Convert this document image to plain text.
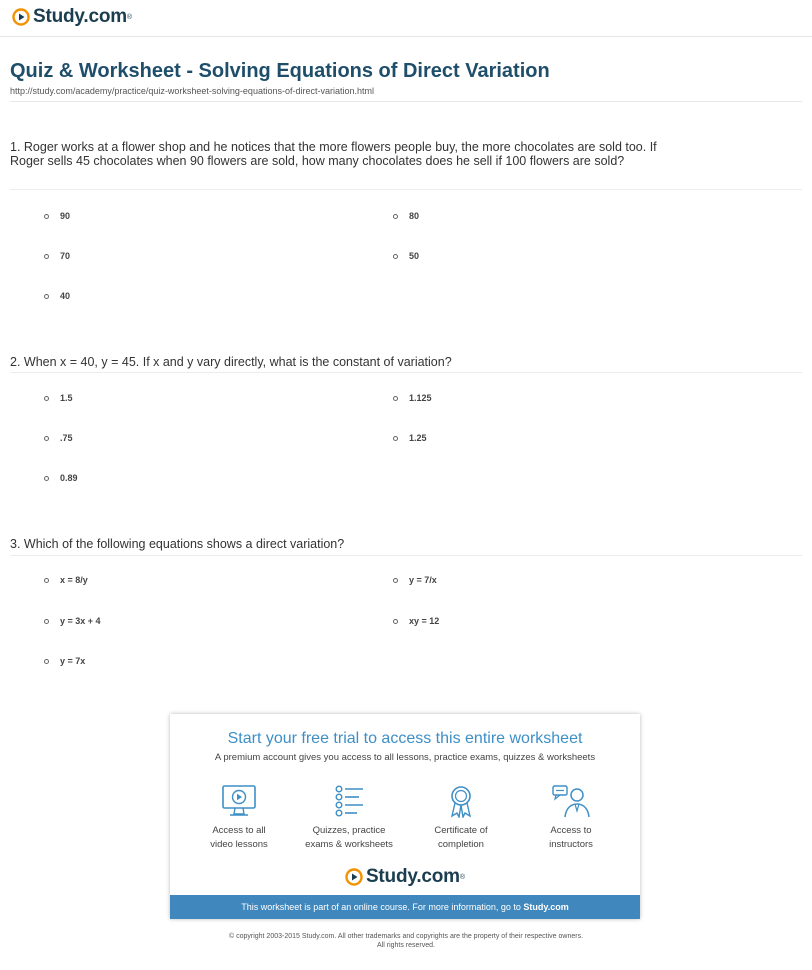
Study.com ®
Quiz & Worksheet - Solving Equations of Direct Variation
http://study.com/academy/practice/quiz-worksheet-solving-equations-of-direct-variation.html
1. Roger works at a flower shop and he notices that the more flowers people buy, the more chocolates are sold too. If Roger sells 45 chocolates when 90 flowers are sold, how many chocolates does he sell if 100 flowers are sold?
90	80
70	50
40
2. When x = 40, y = 45. If x and y vary directly, what is the constant of variation?
1.5	1.125
.75	1.25
0.89
3. Which of the following equations shows a direct variation?
x = 8/y	y = 7/x
y = 3x + 4	xy = 12
y = 7x
Start your free trial to access this entire worksheet
A premium account gives you access to all lessons, practice exams, quizzes & worksheets
Access to all
video lessons
Quizzes, practice
exams & worksheets
Certificate of
completion
Access to
instructors
Study.com ®
This worksheet is part of an online course. For more information, go to Study.com
© copyright 2003-2015 Study.com. All other trademarks and copyrights are the property of their respective owners.
All rights reserved.
